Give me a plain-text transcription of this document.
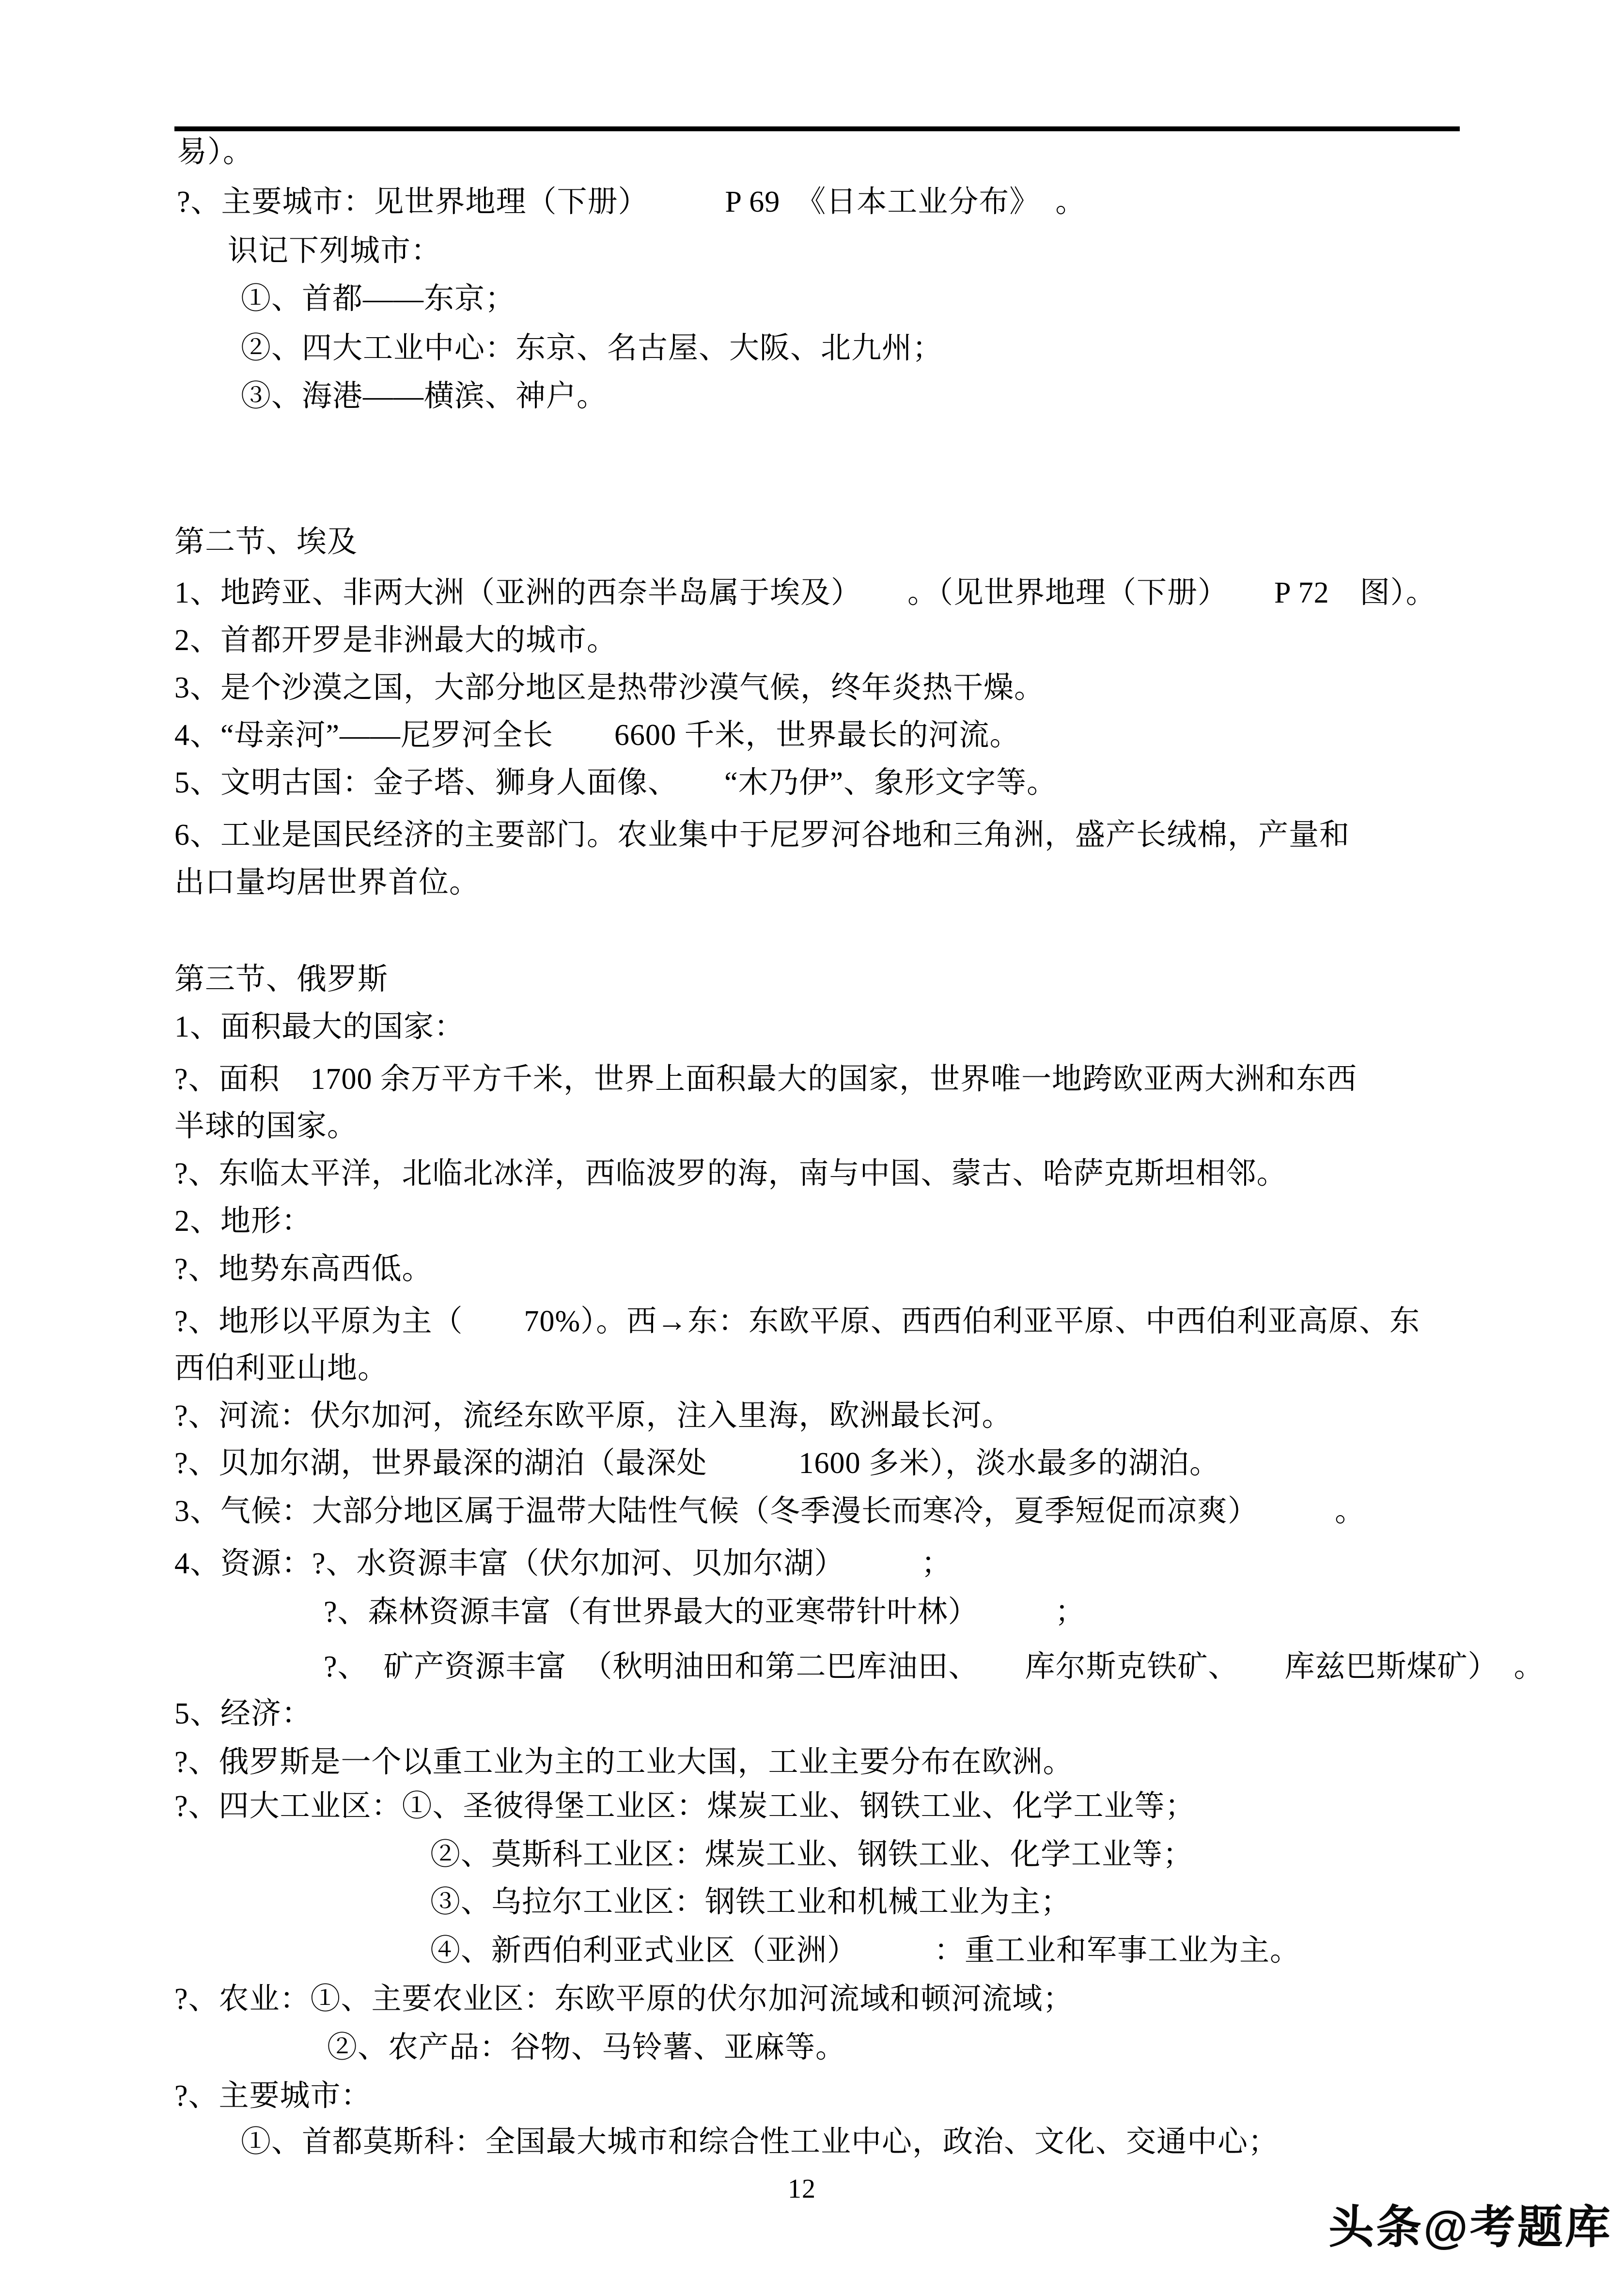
易）。
?、主要城市：见世界地理（下册）　　　P 69　《日本工业分布》　。
识记下列城市：
①、首都——东京；
②、四大工业中心：东京、名古屋、大阪、北九州；
③、海港——横滨、神户。
第二节、埃及
1、地跨亚、非两大洲（亚洲的西奈半岛属于埃及）　　。（见世界地理（下册）　　P 72　图）。
2、首都开罗是非洲最大的城市。
3、是个沙漠之国，大部分地区是热带沙漠气候，终年炎热干燥。
4、“母亲河”——尼罗河全长　　6600 千米，世界最长的河流。
5、文明古国：金子塔、狮身人面像、　　“木乃伊”、象形文字等。
6、工业是国民经济的主要部门。农业集中于尼罗河谷地和三角洲，盛产长绒棉，产量和
出口量均居世界首位。
第三节、俄罗斯
1、面积最大的国家：
?、面积　1700 余万平方千米，世界上面积最大的国家，世界唯一地跨欧亚两大洲和东西
半球的国家。
?、东临太平洋，北临北冰洋，西临波罗的海，南与中国、蒙古、哈萨克斯坦相邻。
2、地形：
?、地势东高西低。
?、地形以平原为主（　　70%）。西→东：东欧平原、西西伯利亚平原、中西伯利亚高原、东
西伯利亚山地。
?、河流：伏尔加河，流经东欧平原，注入里海，欧洲最长河。
?、贝加尔湖，世界最深的湖泊（最深处　　　1600 多米），淡水最多的湖泊。
3、气候：大部分地区属于温带大陆性气候（冬季漫长而寒冷，夏季短促而凉爽）　　　。
4、资源：?、水资源丰富（伏尔加河、贝加尔湖）　　　；
?、森林资源丰富（有世界最大的亚寒带针叶林）　　　；
?、　矿产资源丰富　（秋明油田和第二巴库油田、　　库尔斯克铁矿、　　库兹巴斯煤矿）　。
5、经济：
?、俄罗斯是一个以重工业为主的工业大国，工业主要分布在欧洲。
?、四大工业区：①、圣彼得堡工业区：煤炭工业、钢铁工业、化学工业等；
②、莫斯科工业区：煤炭工业、钢铁工业、化学工业等；
③、乌拉尔工业区：钢铁工业和机械工业为主；
④、新西伯利亚式业区（亚洲）　　　：重工业和军事工业为主。
?、农业：①、主要农业区：东欧平原的伏尔加河流域和顿河流域；
②、农产品：谷物、马铃薯、亚麻等。
?、主要城市：
①、首都莫斯科：全国最大城市和综合性工业中心，政治、文化、交通中心；
12
头条@考题库
